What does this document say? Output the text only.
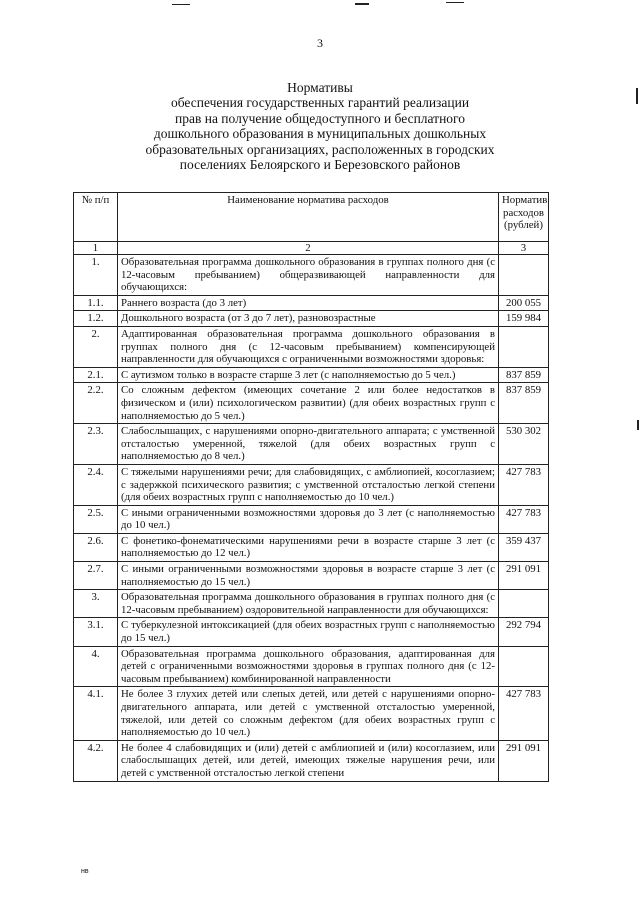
3
Нормативы
обеспечения государственных гарантий реализации
прав на получение общедоступного и бесплатного
дошкольного образования в муниципальных дошкольных
образовательных организациях, расположенных в городских
поселениях Белоярского и Березовского районов
№ п/п	Наименование норматива расходов	Норматив расходов (рублей)
1	2	3
1.	Образовательная программа дошкольного образования в группах полного дня (с 12-часовым пребыванием) общеразвивающей направленности для обучающихся:	
1.1.	Раннего возраста (до 3 лет)	200 055
1.2.	Дошкольного возраста (от 3 до 7 лет), разновозрастные	159 984
2.	Адаптированная образовательная программа дошкольного образования в группах полного дня (с 12-часовым пребыванием) компенсирующей направленности для обучающихся с ограниченными возможностями здоровья:	
2.1.	С аутизмом только в возрасте старше 3 лет (с наполняемостью до 5 чел.)	837 859
2.2.	Со сложным дефектом (имеющих сочетание 2 или более недостатков в физическом и (или) психологическом развитии) (для обеих возрастных групп с наполняемостью до 5 чел.)	837 859
2.3.	Слабослышащих, с нарушениями опорно-двигательного аппарата; с умственной отсталостью умеренной, тяжелой (для обеих возрастных групп с наполняемостью до 8 чел.)	530 302
2.4.	С тяжелыми нарушениями речи; для слабовидящих, с амблиопией, косоглазием; с задержкой психического развития; с умственной отсталостью легкой степени (для обеих возрастных групп с наполняемостью до 10 чел.)	427 783
2.5.	С иными ограниченными возможностями здоровья до 3 лет (с наполняемостью до 10 чел.)	427 783
2.6.	С фонетико-фонематическими нарушениями речи в возрасте старше 3 лет (с наполняемостью до 12 чел.)	359 437
2.7.	С иными ограниченными возможностями здоровья в возрасте старше 3 лет (с наполняемостью до 15 чел.)	291 091
3.	Образовательная программа дошкольного образования в группах полного дня (с 12-часовым пребыванием) оздоровительной направленности для обучающихся:	
3.1.	С туберкулезной интоксикацией (для обеих возрастных групп с наполняемостью до 15 чел.)	292 794
4.	Образовательная программа дошкольного образования, адаптированная для детей с ограниченными возможностями здоровья в группах полного дня (с 12-часовым пребыванием) комбинированной направленности	
4.1.	Не более 3 глухих детей или слепых детей, или детей с нарушениями опорно-двигательного аппарата, или детей с умственной отсталостью умеренной, тяжелой, или детей со сложным дефектом (для обеих возрастных групп с наполняемостью до 10 чел.)	427 783
4.2.	Не более 4 слабовидящих и (или) детей с амблиопией и (или) косоглазием, или слабослышащих детей, или детей, имеющих тяжелые нарушения речи, или детей с умственной отсталостью легкой степени	291 091
нв
